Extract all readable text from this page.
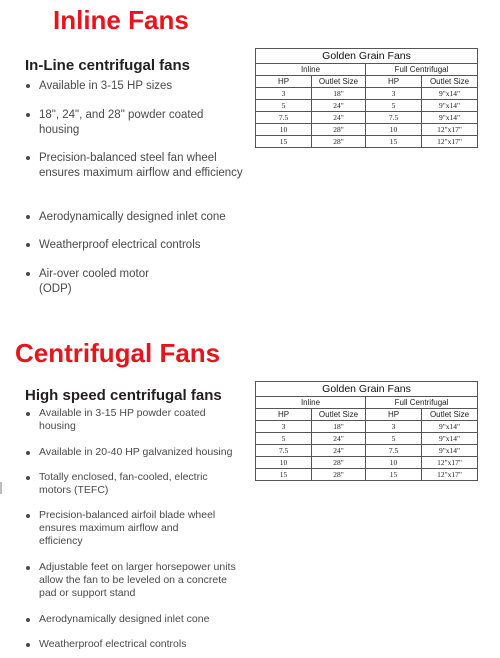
Inline Fans
In-Line centrifugal fans
Available in 3-15 HP sizes
18", 24", and 28" powder coated housing
Precision-balanced steel fan wheel ensures maximum airflow and efficiency
Aerodynamically designed inlet cone
Weatherproof electrical controls
Air-over cooled motor (ODP)
Golden Grain Fans			
Inline		Full Centrifugal	
HP	Outlet Size	HP	Outlet Size
3	18"	3	9"x14"
5	24"	5	9"x14"
7.5	24"	7.5	9"x14"
10	28"	10	12"x17"
15	28"	15	12"x17"
Centrifugal Fans
High speed centrifugal fans
Available in 3-15 HP powder coated housing
Available in 20-40 HP galvanized housing
Totally enclosed, fan-cooled, electric motors (TEFC)
Precision-balanced airfoil blade wheel ensures maximum airflow and efficiency
Adjustable feet on larger horsepower units allow the fan to be leveled on a concrete pad or support stand
Aerodynamically designed inlet cone
Weatherproof electrical controls
Golden Grain Fans			
Inline		Full Centrifugal	
HP	Outlet Size	HP	Outlet Size
3	18"	3	9"x14"
5	24"	5	9"x14"
7.5	24"	7.5	9"x14"
10	28"	10	12"x17"
15	28"	15	12"x17"
